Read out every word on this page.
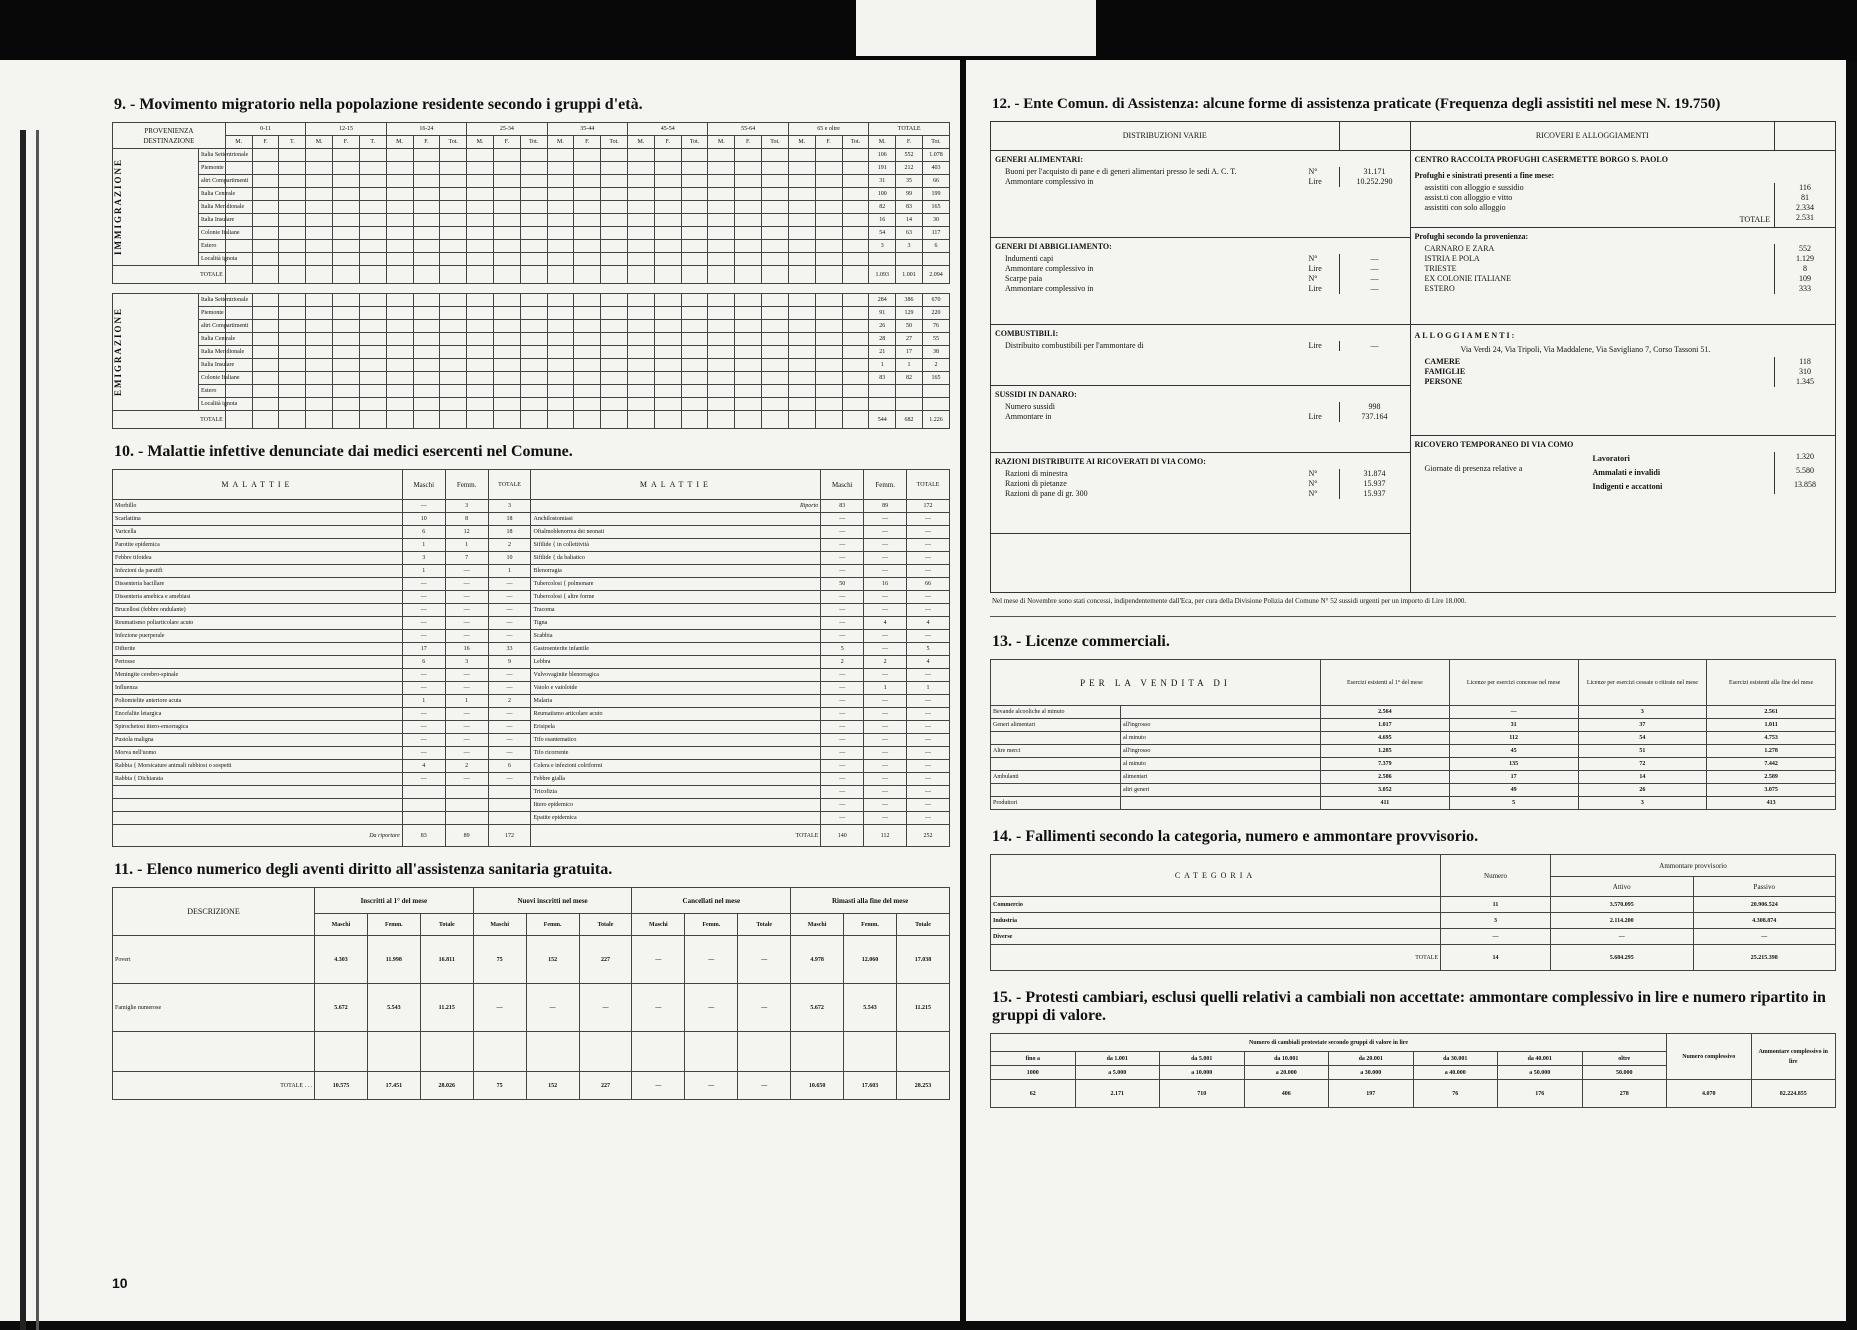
9. - Movimento migratorio nella popolazione residente secondo i gruppi d'età.
PROVENIENZA
DESTINAZIONE		0-11			12-15			16-24			25-34			35-44			45-54			55-64			65 e oltre			TOTALE		
		M.	F.	T.	M.	F.	T.	M.	F.	Tot.	M.	F.	Tot.	M.	F.	Tot.	M.	F.	Tot.	M.	F.	Tot.	M.	F.	Tot.	M.	F.	Tot.

IMMIGRAZIONE	Italia Settentrionale																									106	552	1.078
	Piemonte																									191	212	403
	altri Compartimenti																									31	35	66
	Italia Centrale																									100	99	199
	Italia Meridionale																									82	83	165
	Italia Insulare																									16	14	30
	Colonie Italiane																									54	63	117
	Estero																									3	3	6
	Località ignota																											
TOTALE																										1.093	1.001	2.094

EMIGRAZIONE	Italia Settentrionale																									284	386	670
	Piemonte																									91	129	220
	altri Compartimenti																									26	50	76
	Italia Centrale																									28	27	55
	Italia Meridionale																									21	17	38
	Italia Insulare																									1	1	2
	Colonie Italiane																									83	82	165
	Estero																											
	Località ignota																											
TOTALE																										544	682	1.226
10. - Malattie infettive denunciate dai medici esercenti nel Comune.
MALATTIE	Maschi	Femm.	TOTALE	MALATTIE	Maschi	Femm.	TOTALE
Morbillo	—	3	3	Riporto	83	89	172
Scarlattina	10	8	18	Anchilostomiasi	—	—	—
Varicella	6	12	18	Oftalmoblenorrea dei neonati	—	—	—
Parotite epidemica	1	1	2	Sifilide { in collettività	—	—	—
Febbre tifoidea	3	7	10	Sifilide { da baliatico	—	—	—
Infezioni da paratifi	1	—	1	Blenorragia	—	—	—
Dissenteria bacillare	—	—	—	Tubercolosi { polmonare	50	16	66
Dissenteria amebica e amebiasi	—	—	—	Tubercolosi { altre forme	—	—	—
Brucellosi (febbre ondulante)	—	—	—	Tracoma	—	—	—
Reumatismo poliarticolare acuto	—	—	—	Tigna	—	4	4
Infezione puerperale	—	—	—	Scabbia	—	—	—
Difterite	17	16	33	Gastroenterite infantile	5	—	5
Pertosse	6	3	9	Lebbra	2	2	4
Meningite cerebro-spinale	—	—	—	Vulvovaginite blenorragica	—	—	—
Influenza	—	—	—	Vaiolo e vaioloide	—	1	1
Poliomielite anteriore acuta	1	1	2	Malaria	—	—	—
Encefalite letargica	—	—	—	Reumatismo articolare acuto	—	—	—
Spirochetosi ittero-emorragica	—	—	—	Erisipela	—	—	—
Pustola maligna	—	—	—	Tifo esantematico	—	—	—
Morva nell'uomo	—	—	—	Tifo ricorrente	—	—	—
Rabbia { Morsicature animali rabbiosi o sospetti	4	2	6	Colera e infezioni colriformi	—	—	—
Rabbia { Dichiarata	—	—	—	Febbre gialla	—	—	—
				Tricofizia	—	—	—
				Ittero epidemico	—	—	—
				Epatite epidemica	—	—	—
Da riportare	83	89	172	TOTALE	140	112	252
11. - Elenco numerico degli aventi diritto all'assistenza sanitaria gratuita.
DESCRIZIONE	Inscritti al 1° del mese			Nuovi inscritti nel mese			Cancellati nel mese			Rimasti alla fine del mese		
	Maschi	Femm.	Totale	Maschi	Femm.	Totale	Maschi	Femm.	Totale	Maschi	Femm.	Totale
Poveri	4.303	11.998	16.811	75	152	227	—	—	—	4.978	12.060	17.038
Famiglie numerose	5.672	5.543	11.215	—	—	—	—	—	—	5.672	5.543	11.215

TOTALE . . .	10.575	17.451	28.026	75	152	227	—	—	—	10.650	17.603	28.253
10
12. - Ente Comun. di Assistenza: alcune forme di assistenza praticate (Frequenza degli assistiti nel mese N. 19.750)
DISTRIBUZIONI VARIE
GENERI ALIMENTARI:
Buoni per l'acquisto di pane e di generi alimentari presso le sedi A. C. T.	N°	31.171
Ammontare complessivo in	Lire	10.252.290
GENERI DI ABBIGLIAMENTO:
Indumenti capi	N°	—
Ammontare complessivo in	Lire	—
Scarpe paia	N°	—
Ammontare complessivo in	Lire	—
COMBUSTIBILI:
Distribuito combustibili per l'ammontare di	Lire	—
SUSSIDI IN DANARO:
Numero sussidi	998
Ammontare in	Lire	737.164
RAZIONI DISTRIBUITE AI RICOVERATI DI VIA COMO:
Razioni di minestra	N°	31.874
Razioni di pietanze	N°	15.937
Razioni di pane di gr. 300	N°	15.937
RICOVERI E ALLOGGIAMENTI
CENTRO RACCOLTA PROFUGHI CASERMETTE BORGO S. PAOLO
Profughi e sinistrati presenti a fine mese:
assistiti con alloggio e sussidio	116
assist.ti con alloggio e vitto	81
assistiti con solo alloggio	2.334
TOTALE	2.531
Profughi secondo la provenienza:
CARNARO E ZARA	552
ISTRIA E POLA	1.129
TRIESTE	8
EX COLONIE ITALIANE	109
ESTERO	333
ALLOGGIAMENTI:
Via Verdi 24, Via Tripoli, Via Maddalene, Via Savigliano 7, Corso Tassoni 51.
CAMERE	118
FAMIGLIE	310
PERSONE	1.345
RICOVERO TEMPORANEO DI VIA COMO
Giornate di presenza relative a
Lavoratori	1.320
Ammalati e invalidi	5.580
Indigenti e accattoni	13.858
Nel mese di Novembre sono stati concessi, indipendentemente dall'Eca, per cura della Divisione Polizia del Comune N° 52 sussidi urgenti per un importo di Lire 18.000.
13. - Licenze commerciali.
PER LA VENDITA DI		Esercizi esistenti al 1° del mese	Licenze per esercizi concesse nel mese	Licenze per esercizi cessate o ritirate nel mese	Esercizi esistenti alla fine del mese
Bevande alcooliche al minuto		2.564	—	3	2.561
Generi alimentari	all'ingrosso	1.017	31	37	1.011
	al minuto	4.695	112	54	4.753
Altre merci	all'ingrosso	1.285	45	51	1.278
	al minuto	7.379	135	72	7.442
Ambulanti	alimentari	2.586	17	14	2.589
	altri generi	3.052	49	26	3.075
Produttori		411	5	3	413
14. - Fallimenti secondo la categoria, numero e ammontare provvisorio.
CATEGORIA	Numero	Ammontare provvisorio	
		Attivo	Passivo
Commercio	11	3.570.095	20.906.524
Industria	3	2.114.200	4.308.874
Diverse	—	—	—
TOTALE	14	5.684.295	25.215.398
15. - Protesti cambiari, esclusi quelli relativi a cambiali non accettate: ammontare complessivo in lire e numero ripartito in gruppi di valore.
Numero di cambiali protestate secondo gruppi di valore in lire								Numero complessivo	Ammontare complessivo in lire
fino a	da 1.001	da 5.001	da 10.001	da 20.001	da 30.001	da 40.001	oltre		
1000	a 5.000	a 10.000	a 20.000	a 30.000	a 40.000	a 50.000	50.000		
62	2.171	710	406	197	76	176	278	4.070	82.224.855
